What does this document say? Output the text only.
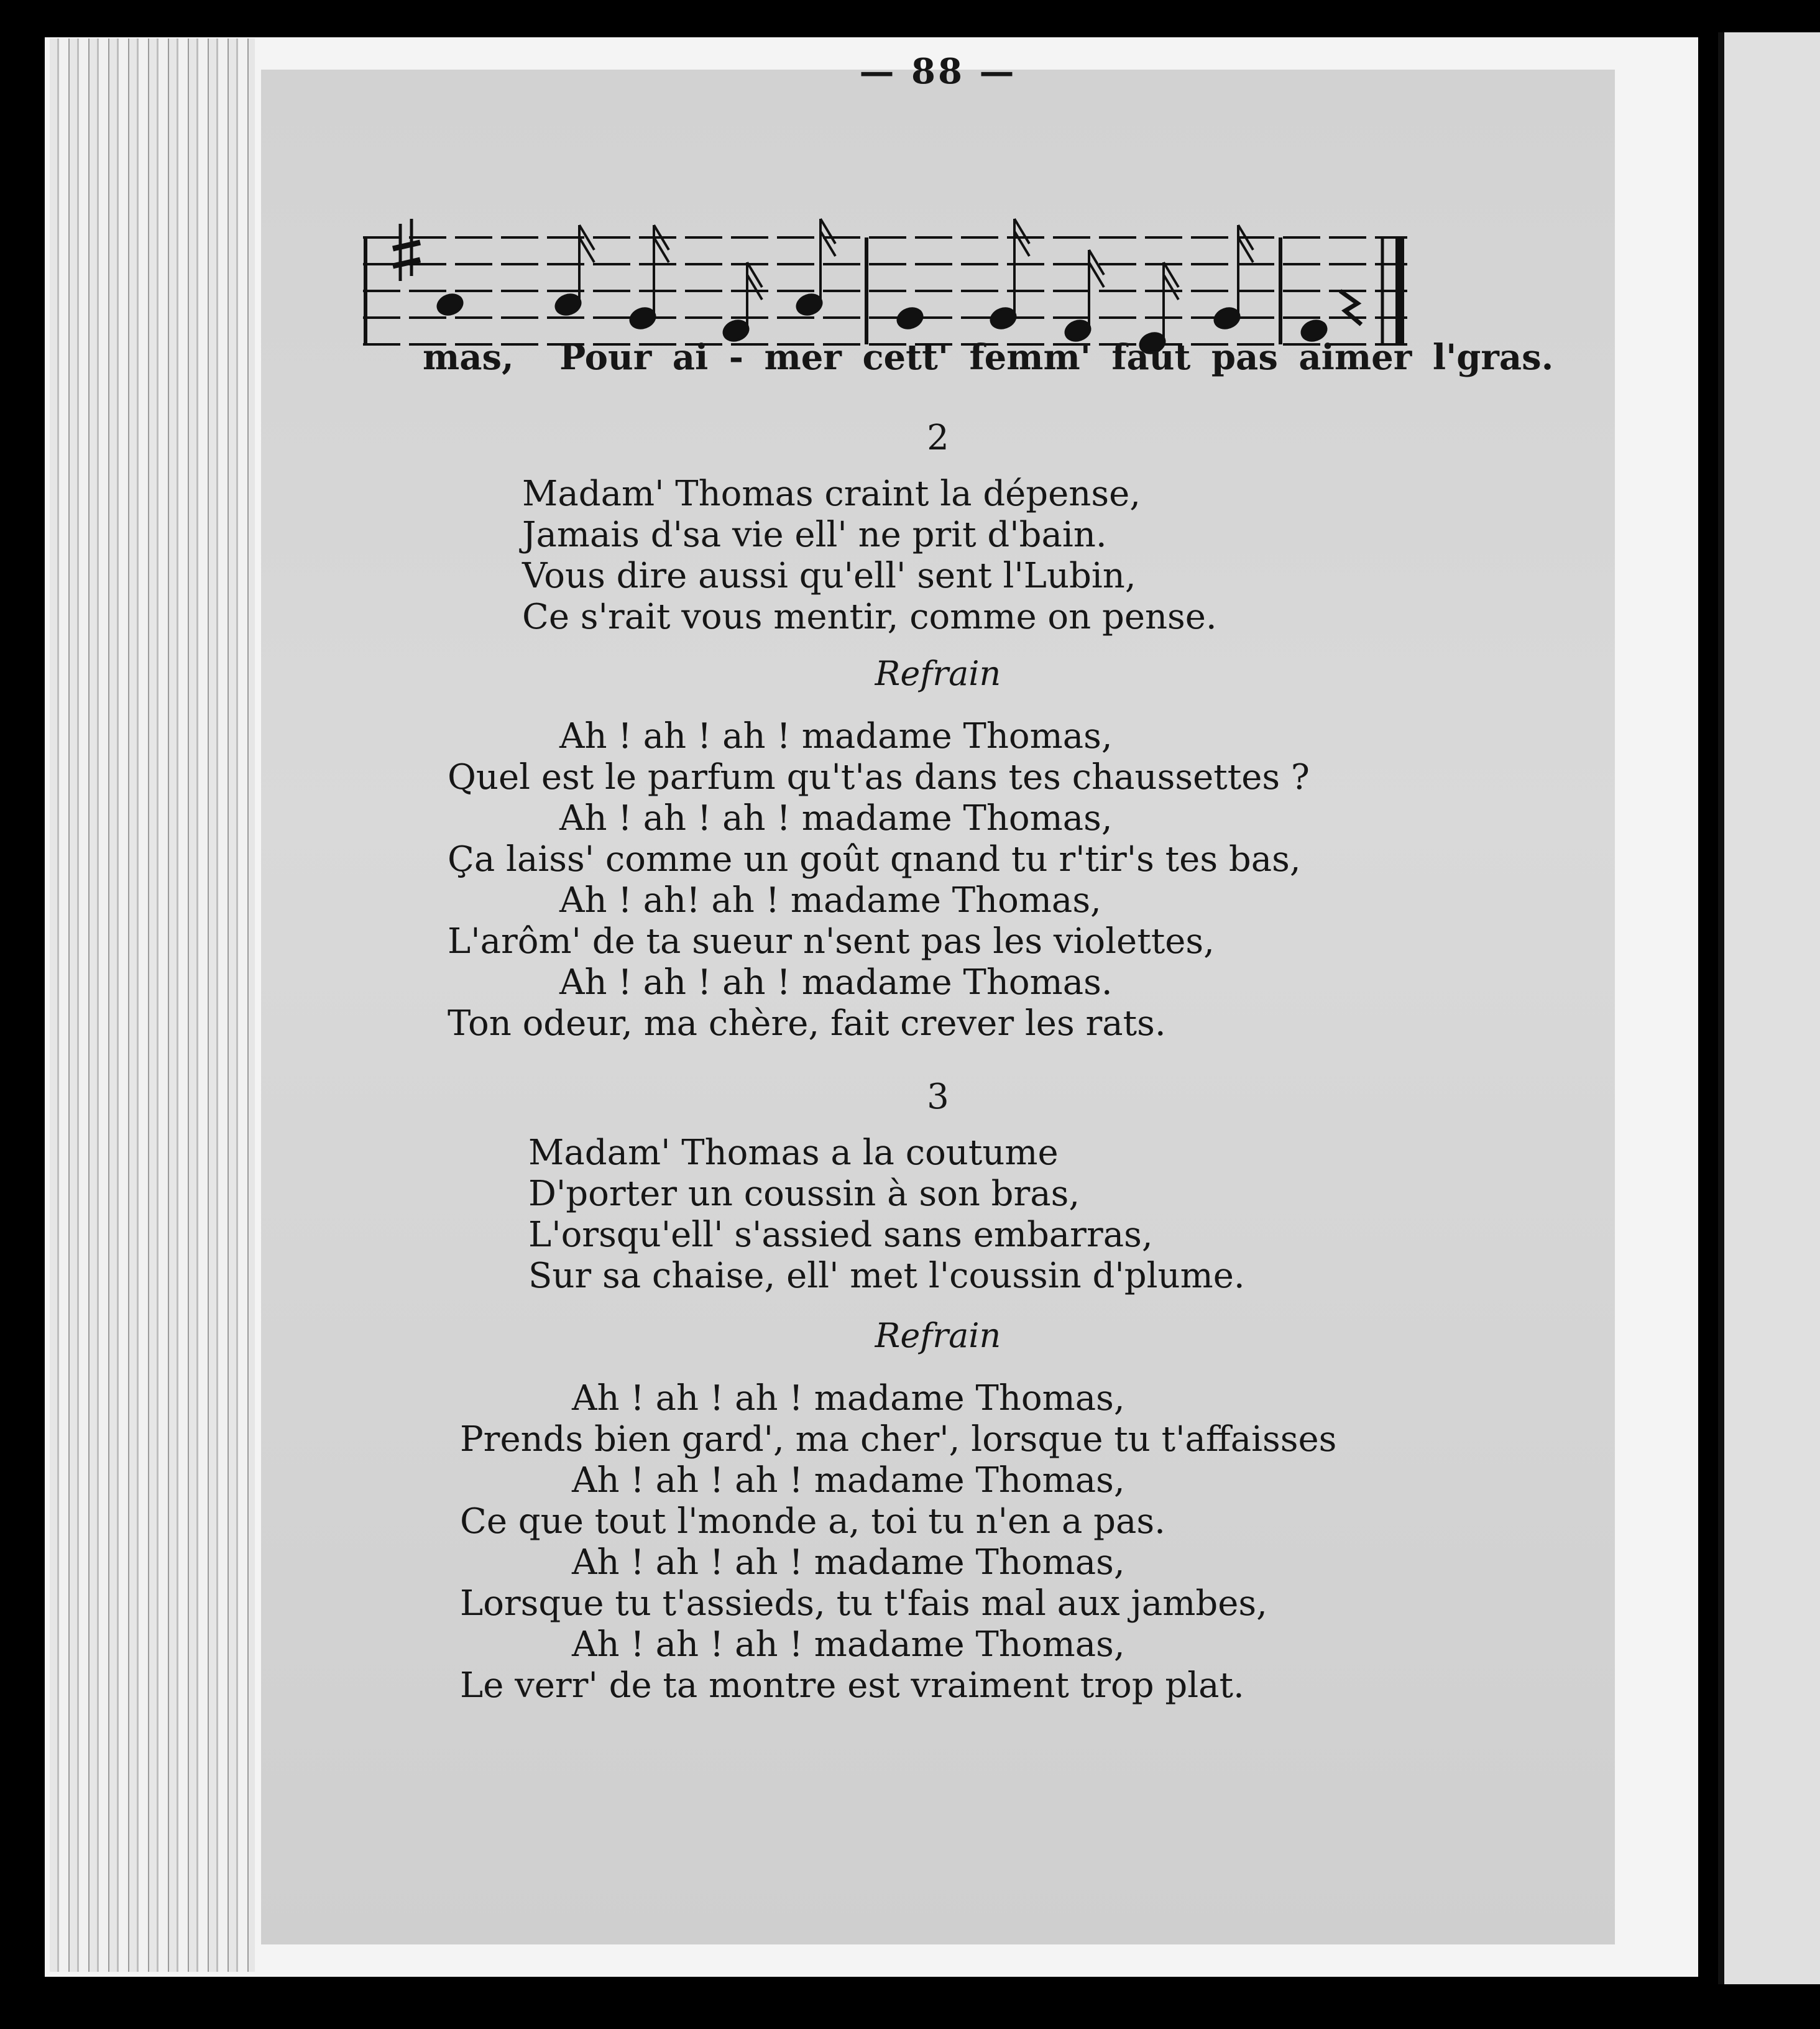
— 88 —
mas, Pour ai - mer cett' femm' faut pas aimer l'gras.
2
Madam' Thomas craint la dépense,
Jamais d'sa vie ell' ne prit d'bain.
Vous dire aussi qu'ell' sent l'Lubin,
Ce s'rait vous mentir, comme on pense.
Refrain
Ah ! ah ! ah ! madame Thomas,
Quel est le parfum qu't'as dans tes chaussettes ?
Ah ! ah ! ah ! madame Thomas,
Ça laiss' comme un goût qnand tu r'tir's tes bas,
Ah ! ah! ah ! madame Thomas,
L'arôm' de ta sueur n'sent pas les violettes,
Ah ! ah ! ah ! madame Thomas.
Ton odeur, ma chère, fait crever les rats.
3
Madam' Thomas a la coutume
D'porter un coussin à son bras,
L'orsqu'ell' s'assied sans embarras,
Sur sa chaise, ell' met l'coussin d'plume.
Refrain
Ah ! ah ! ah ! madame Thomas,
Prends bien gard', ma cher', lorsque tu t'affaisses
Ah ! ah ! ah ! madame Thomas,
Ce que tout l'monde a, toi tu n'en a pas.
Ah ! ah ! ah ! madame Thomas,
Lorsque tu t'assieds, tu t'fais mal aux jambes,
Ah ! ah ! ah ! madame Thomas,
Le verr' de ta montre est vraiment trop plat.
